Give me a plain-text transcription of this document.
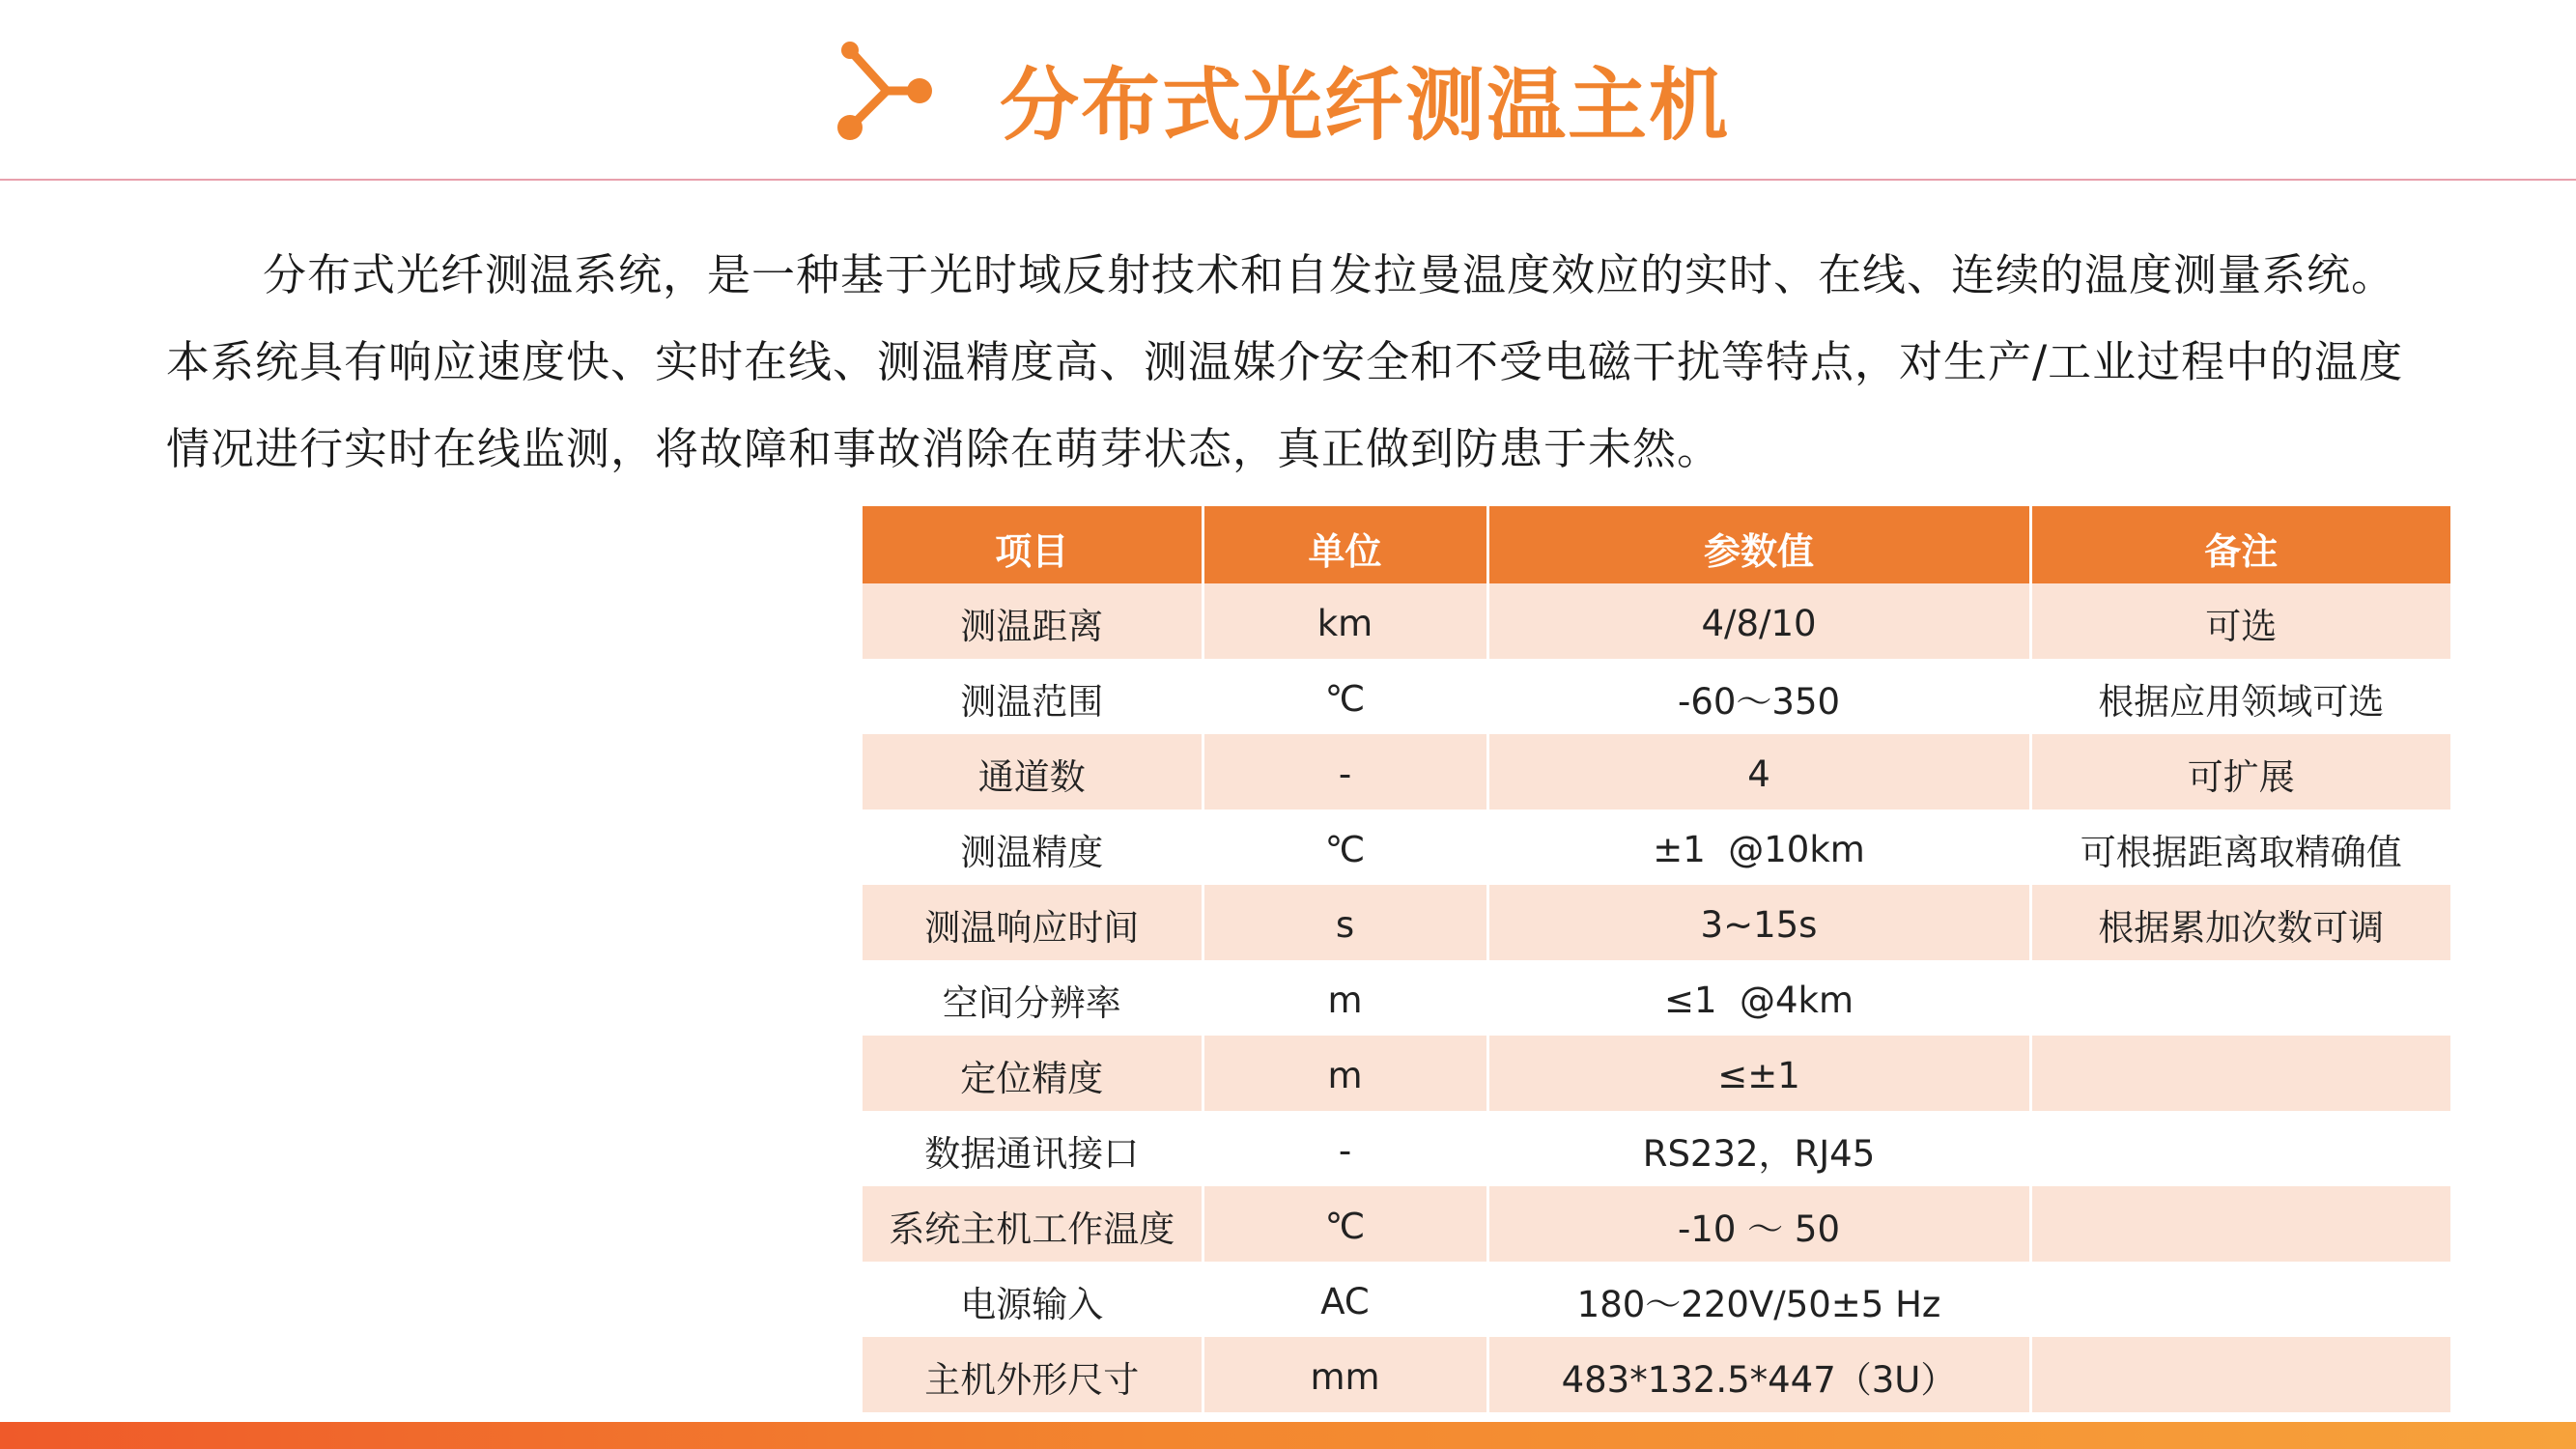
分布式光纤测温主机

分布式光纤测温系统，是一种基于光时域反射技术和自发拉曼温度效应的实时、在线、连续的温度测量系统。本系统具有响应速度快、实时在线、测温精度高、测温媒介安全和不受电磁干扰等特点，对生产/工业过程中的温度情况进行实时在线监测，将故障和事故消除在萌芽状态，真正做到防患于未然。

项目	单位	参数值	备注
测温距离	km	4/8/10	可选
测温范围	℃	-60～350	根据应用领域可选
通道数	-	4	可扩展
测温精度	℃	±1  @10km	可根据距离取精确值
测温响应时间	s	3~15s	根据累加次数可调
空间分辨率	m	≤1  @4km	
定位精度	m	≤±1	
数据通讯接口	-	RS232，RJ45	
系统主机工作温度	℃	-10 ～ 50	
电源输入	AC	180～220V/50±5 Hz	
主机外形尺寸	mm	483*132.5*447（3U）	
